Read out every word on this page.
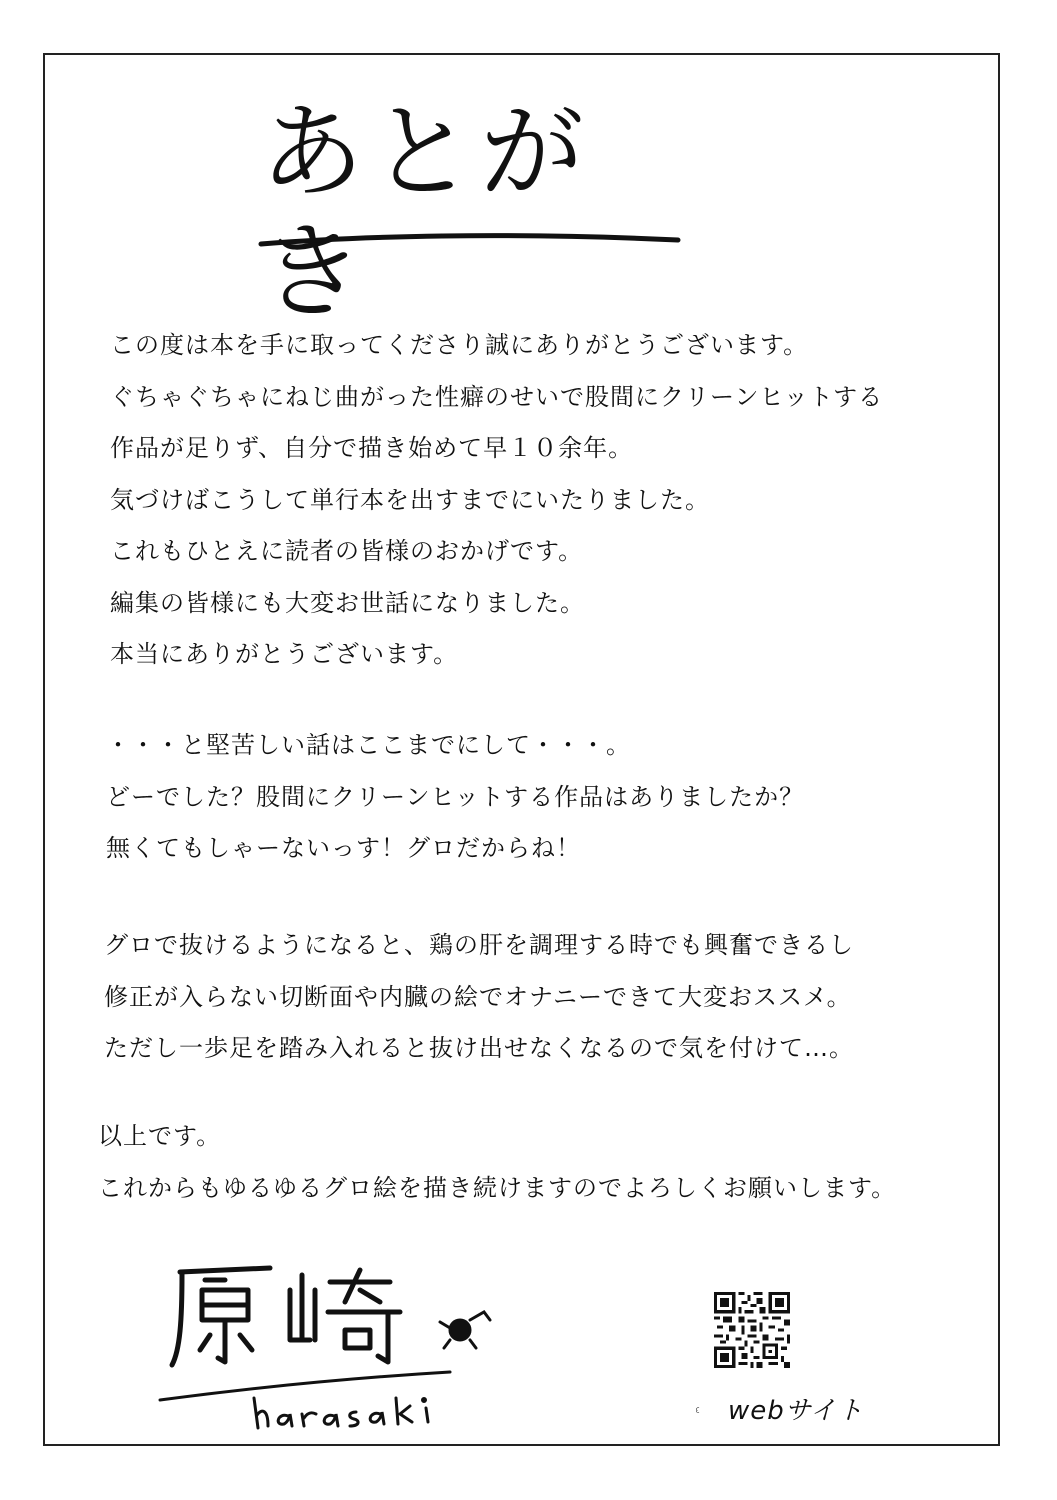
あとがき
この度は本を手に取ってくださり誠にありがとうございます。
ぐちゃぐちゃにねじ曲がった性癖のせいで股間にクリーンヒットする
作品が足りず、自分で描き始めて早１０余年。
気づけばこうして単行本を出すまでにいたりました。
これもひとえに読者の皆様のおかげです。
編集の皆様にも大変お世話になりました。
本当にありがとうございます。
・・・と堅苦しい話はここまでにして・・・。
どーでした？股間にクリーンヒットする作品はありましたか？
無くてもしゃーないっす！グロだからね！
グロで抜けるようになると、鶏の肝を調理する時でも興奮できるし
修正が入らない切断面や内臓の絵でオナニーできて大変おススメ。
ただし一歩足を踏み入れると抜け出せなくなるので気を付けて…。
以上です。
これからもゆるゆるグロ絵を描き続けますのでよろしくお願いします。
webサイト
